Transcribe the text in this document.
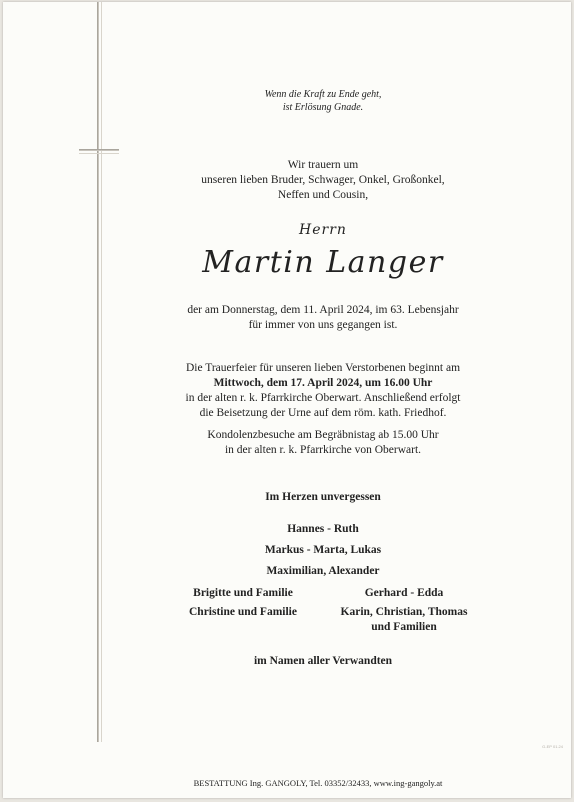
Wenn die Kraft zu Ende geht,
ist Erlösung Gnade.
Wir trauern um
unseren lieben Bruder, Schwager, Onkel, Großonkel,
Neffen und Cousin,
Herrn
Martin Langer
der am Donnerstag, dem 11. April 2024, im 63. Lebensjahr
für immer von uns gegangen ist.
Die Trauerfeier für unseren lieben Verstorbenen beginnt am
Mittwoch, dem 17. April 2024, um 16.00 Uhr
in der alten r. k. Pfarrkirche Oberwart. Anschließend erfolgt
die Beisetzung der Urne auf dem röm. kath. Friedhof.
Kondolenzbesuche am Begräbnistag ab 15.00 Uhr
in der alten r. k. Pfarrkirche von Oberwart.
Im Herzen unvergessen
Hannes - Ruth
Markus - Marta, Lukas
Maximilian, Alexander
Brigitte und Familie
Christine und Familie
Gerhard - Edda
Karin, Christian, Thomas
und Familien
im Namen aller Verwandten
G-EP 01.24
BESTATTUNG Ing. GANGOLY, Tel. 03352/32433, www.ing-gangoly.at
